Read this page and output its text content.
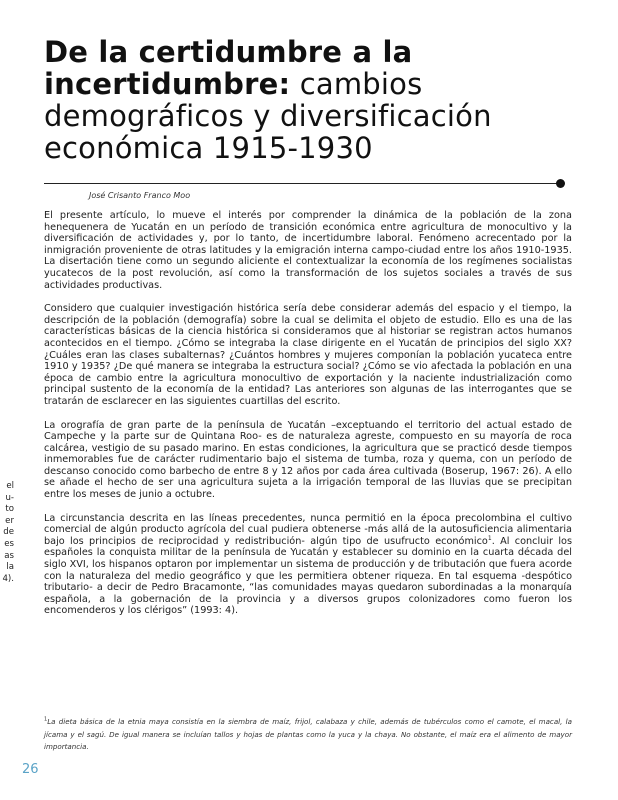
De la certidumbre a la
incertidumbre: cambios
demográficos y diversificación
económica 1915-1930
José Crisanto Franco Moo
el
u-
to
er
de
es
as
la
4).

El presente artículo, lo mueve el interés por comprender la dinámica de la población de la zona henequenera de Yucatán en un período de transición económica entre agricultura de monocultivo y la diversificación de actividades y, por lo tanto, de incertidumbre laboral. Fenómeno acrecentado por la inmigración proveniente de otras latitudes y la emigración interna campo-ciudad entre los años 1910-1935. La disertación tiene como un segundo aliciente el contextualizar la economía de los regímenes socialistas yucatecos de la post revolución, así como la transformación de los sujetos sociales a través de sus actividades productivas.

Considero que cualquier investigación histórica sería debe considerar además del espacio y el tiempo, la descripción de la población (demografía) sobre la cual se delimita el objeto de estudio. Ello es una de las características básicas de la ciencia histórica si consideramos que al historiar se registran actos humanos acontecidos en el tiempo. ¿Cómo se integraba la clase dirigente en el Yucatán de principios del siglo XX? ¿Cuáles eran las clases subalternas? ¿Cuántos hombres y mujeres componían la población yucateca entre 1910 y 1935? ¿De qué manera se integraba la estructura social? ¿Cómo se vio afectada la población en una época de cambio entre la agricultura monocultivo de exportación y la naciente industrialización como principal sustento de la economía de la entidad? Las anteriores son algunas de las interrogantes que se tratarán de esclarecer en las siguientes cuartillas del escrito.

La orografía de gran parte de la península de Yucatán –exceptuando el territorio del actual estado de Campeche y la parte sur de Quintana Roo- es de naturaleza agreste, compuesto en su mayoría de roca calcárea, vestigio de su pasado marino. En estas condiciones, la agricultura que se practicó desde tiempos inmemorables fue de carácter rudimentario bajo el sistema de tumba, roza y quema, con un período de descanso conocido como barbecho de entre 8 y 12 años por cada área cultivada (Boserup, 1967: 26). A ello se añade el hecho de ser una agricultura sujeta a la irrigación temporal de las lluvias que se precipitan entre los meses de junio a octubre.

La circunstancia descrita en las líneas precedentes, nunca permitió en la época precolombina el cultivo comercial de algún producto agrícola del cual pudiera obtenerse -más allá de la autosuficiencia alimentaria bajo los principios de reciprocidad y redistribución- algún tipo de usufructo económico$^1$. Al concluir los españoles la conquista militar de la península de Yucatán y establecer su dominio en la cuarta década del siglo XVI, los hispanos optaron por implementar un sistema de producción y de tributación que fuera acorde con la naturaleza del medio geográfico y que les permitiera obtener riqueza. En tal esquema -despótico tributario- a decir de Pedro Bracamonte, “las comunidades mayas quedaron subordinadas a la monarquía española, a la gobernación de la provincia y a diversos grupos colonizadores como fueron los encomenderos y los clérigos” (1993: 4).

$^1$La dieta básica de la etnia maya consistía en la siembra de maíz, frijol, calabaza y chile, además de tubérculos como el camote, el macal, la jícama y el sagú. De igual manera se incluían tallos y hojas de plantas como la yuca y la chaya. No obstante, el maíz era el alimento de mayor importancia.
26
